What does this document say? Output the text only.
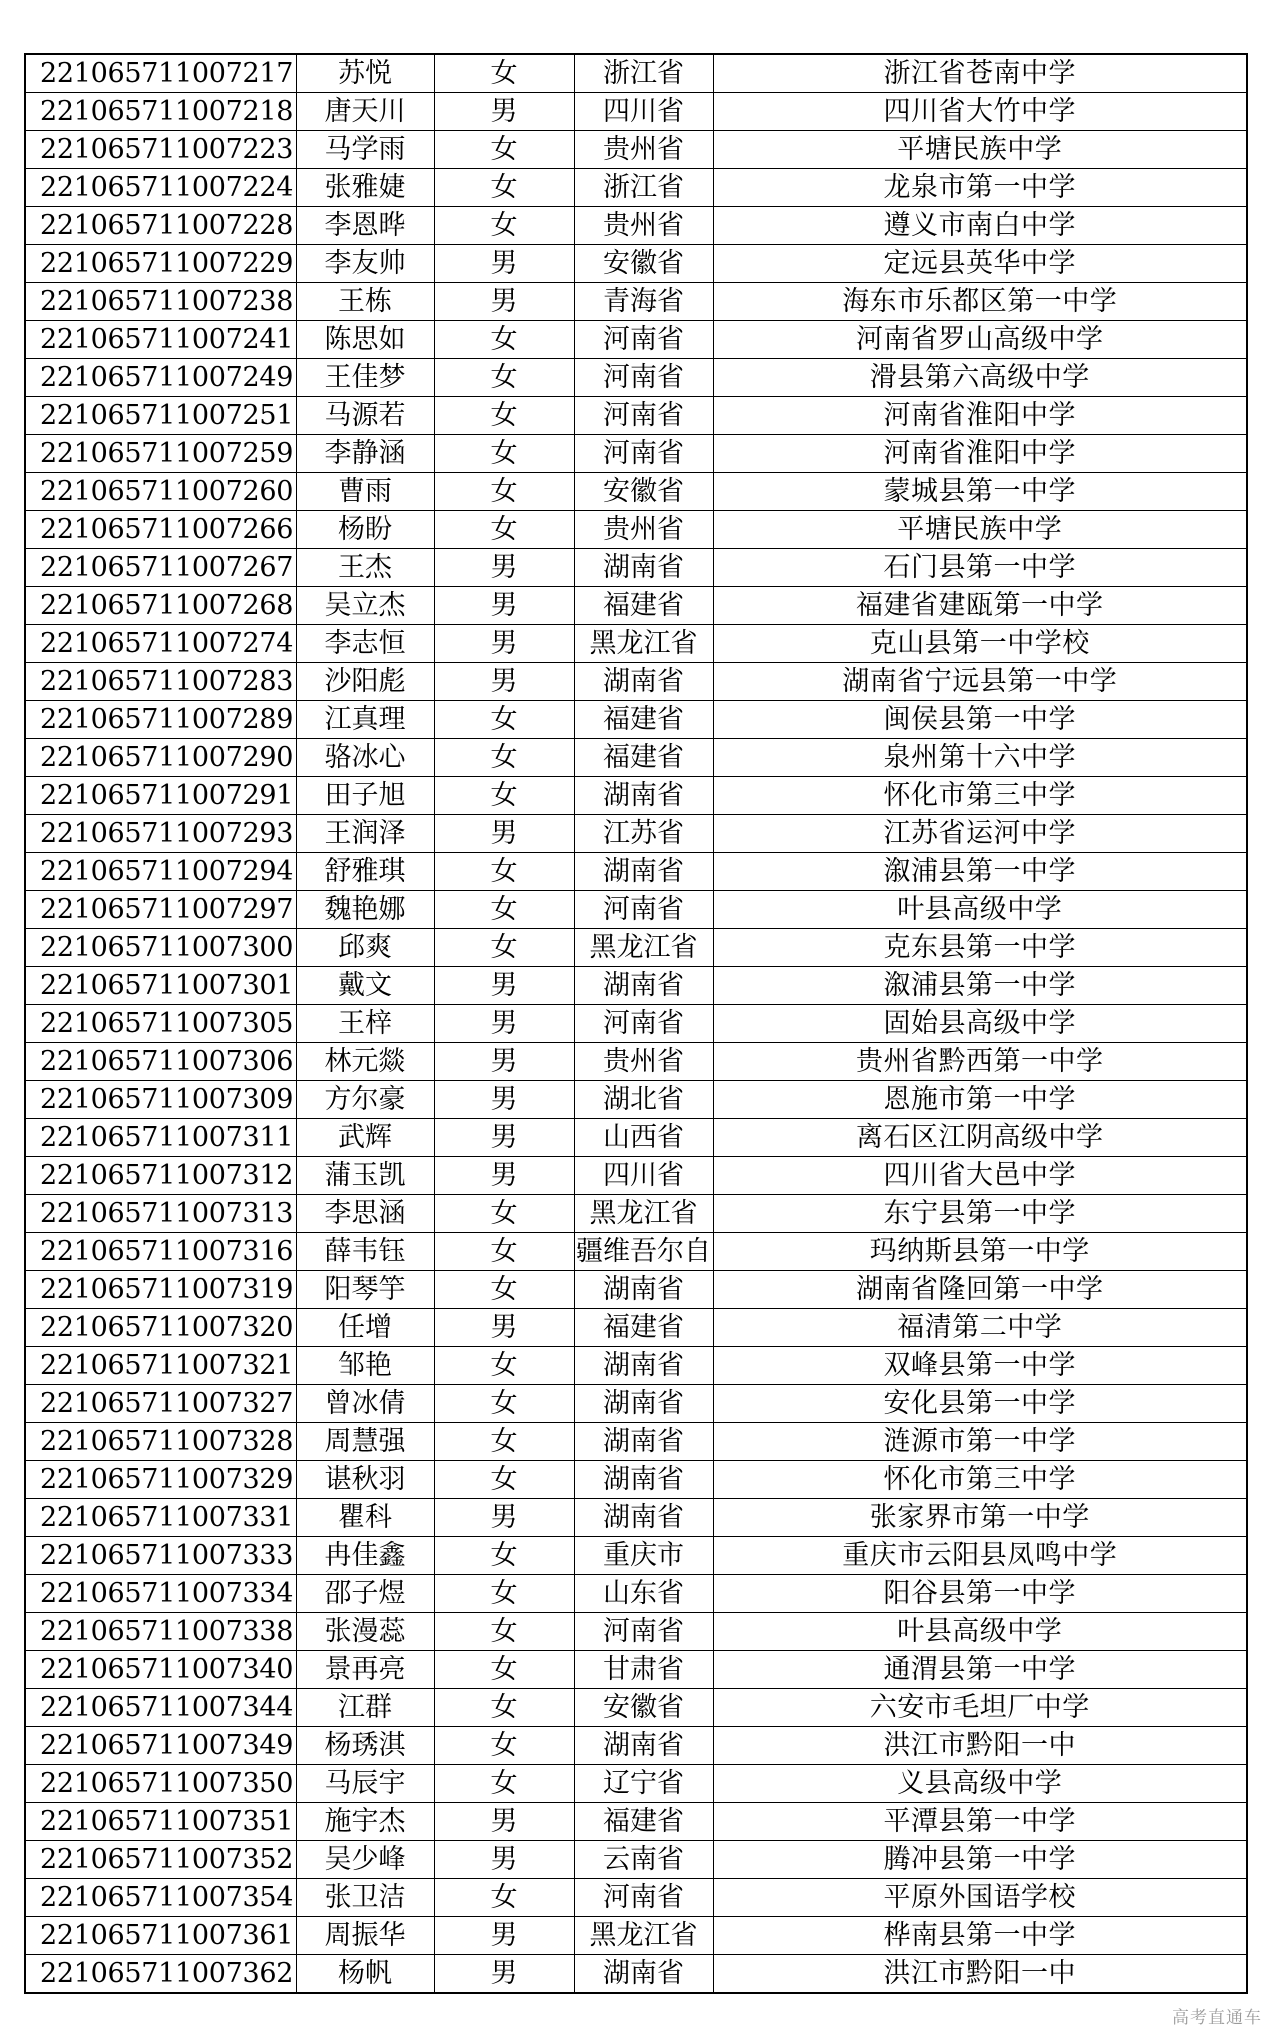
221065711007217	苏悦	女	浙江省	浙江省苍南中学
221065711007218	唐天川	男	四川省	四川省大竹中学
221065711007223	马学雨	女	贵州省	平塘民族中学
221065711007224	张雅婕	女	浙江省	龙泉市第一中学
221065711007228	李恩晔	女	贵州省	遵义市南白中学
221065711007229	李友帅	男	安徽省	定远县英华中学
221065711007238	王栋	男	青海省	海东市乐都区第一中学
221065711007241	陈思如	女	河南省	河南省罗山高级中学
221065711007249	王佳梦	女	河南省	滑县第六高级中学
221065711007251	马源若	女	河南省	河南省淮阳中学
221065711007259	李静涵	女	河南省	河南省淮阳中学
221065711007260	曹雨	女	安徽省	蒙城县第一中学
221065711007266	杨盼	女	贵州省	平塘民族中学
221065711007267	王杰	男	湖南省	石门县第一中学
221065711007268	吴立杰	男	福建省	福建省建瓯第一中学
221065711007274	李志恒	男	黑龙江省	克山县第一中学校
221065711007283	沙阳彪	男	湖南省	湖南省宁远县第一中学
221065711007289	江真理	女	福建省	闽侯县第一中学
221065711007290	骆冰心	女	福建省	泉州第十六中学
221065711007291	田子旭	女	湖南省	怀化市第三中学
221065711007293	王润泽	男	江苏省	江苏省运河中学
221065711007294	舒雅琪	女	湖南省	溆浦县第一中学
221065711007297	魏艳娜	女	河南省	叶县高级中学
221065711007300	邱爽	女	黑龙江省	克东县第一中学
221065711007301	戴文	男	湖南省	溆浦县第一中学
221065711007305	王梓	男	河南省	固始县高级中学
221065711007306	林元燚	男	贵州省	贵州省黔西第一中学
221065711007309	方尔豪	男	湖北省	恩施市第一中学
221065711007311	武辉	男	山西省	离石区江阴高级中学
221065711007312	蒲玉凯	男	四川省	四川省大邑中学
221065711007313	李思涵	女	黑龙江省	东宁县第一中学
221065711007316	薛韦钰	女	疆维吾尔自	玛纳斯县第一中学
221065711007319	阳琴竽	女	湖南省	湖南省隆回第一中学
221065711007320	任增	男	福建省	福清第二中学
221065711007321	邹艳	女	湖南省	双峰县第一中学
221065711007327	曾冰倩	女	湖南省	安化县第一中学
221065711007328	周慧强	女	湖南省	涟源市第一中学
221065711007329	谌秋羽	女	湖南省	怀化市第三中学
221065711007331	瞿科	男	湖南省	张家界市第一中学
221065711007333	冉佳鑫	女	重庆市	重庆市云阳县凤鸣中学
221065711007334	邵子煜	女	山东省	阳谷县第一中学
221065711007338	张漫蕊	女	河南省	叶县高级中学
221065711007340	景再亮	女	甘肃省	通渭县第一中学
221065711007344	江群	女	安徽省	六安市毛坦厂中学
221065711007349	杨琇淇	女	湖南省	洪江市黔阳一中
221065711007350	马辰宇	女	辽宁省	义县高级中学
221065711007351	施宇杰	男	福建省	平潭县第一中学
221065711007352	吴少峰	男	云南省	腾冲县第一中学
221065711007354	张卫洁	女	河南省	平原外国语学校
221065711007361	周振华	男	黑龙江省	桦南县第一中学
221065711007362	杨帆	男	湖南省	洪江市黔阳一中
高考直通车
